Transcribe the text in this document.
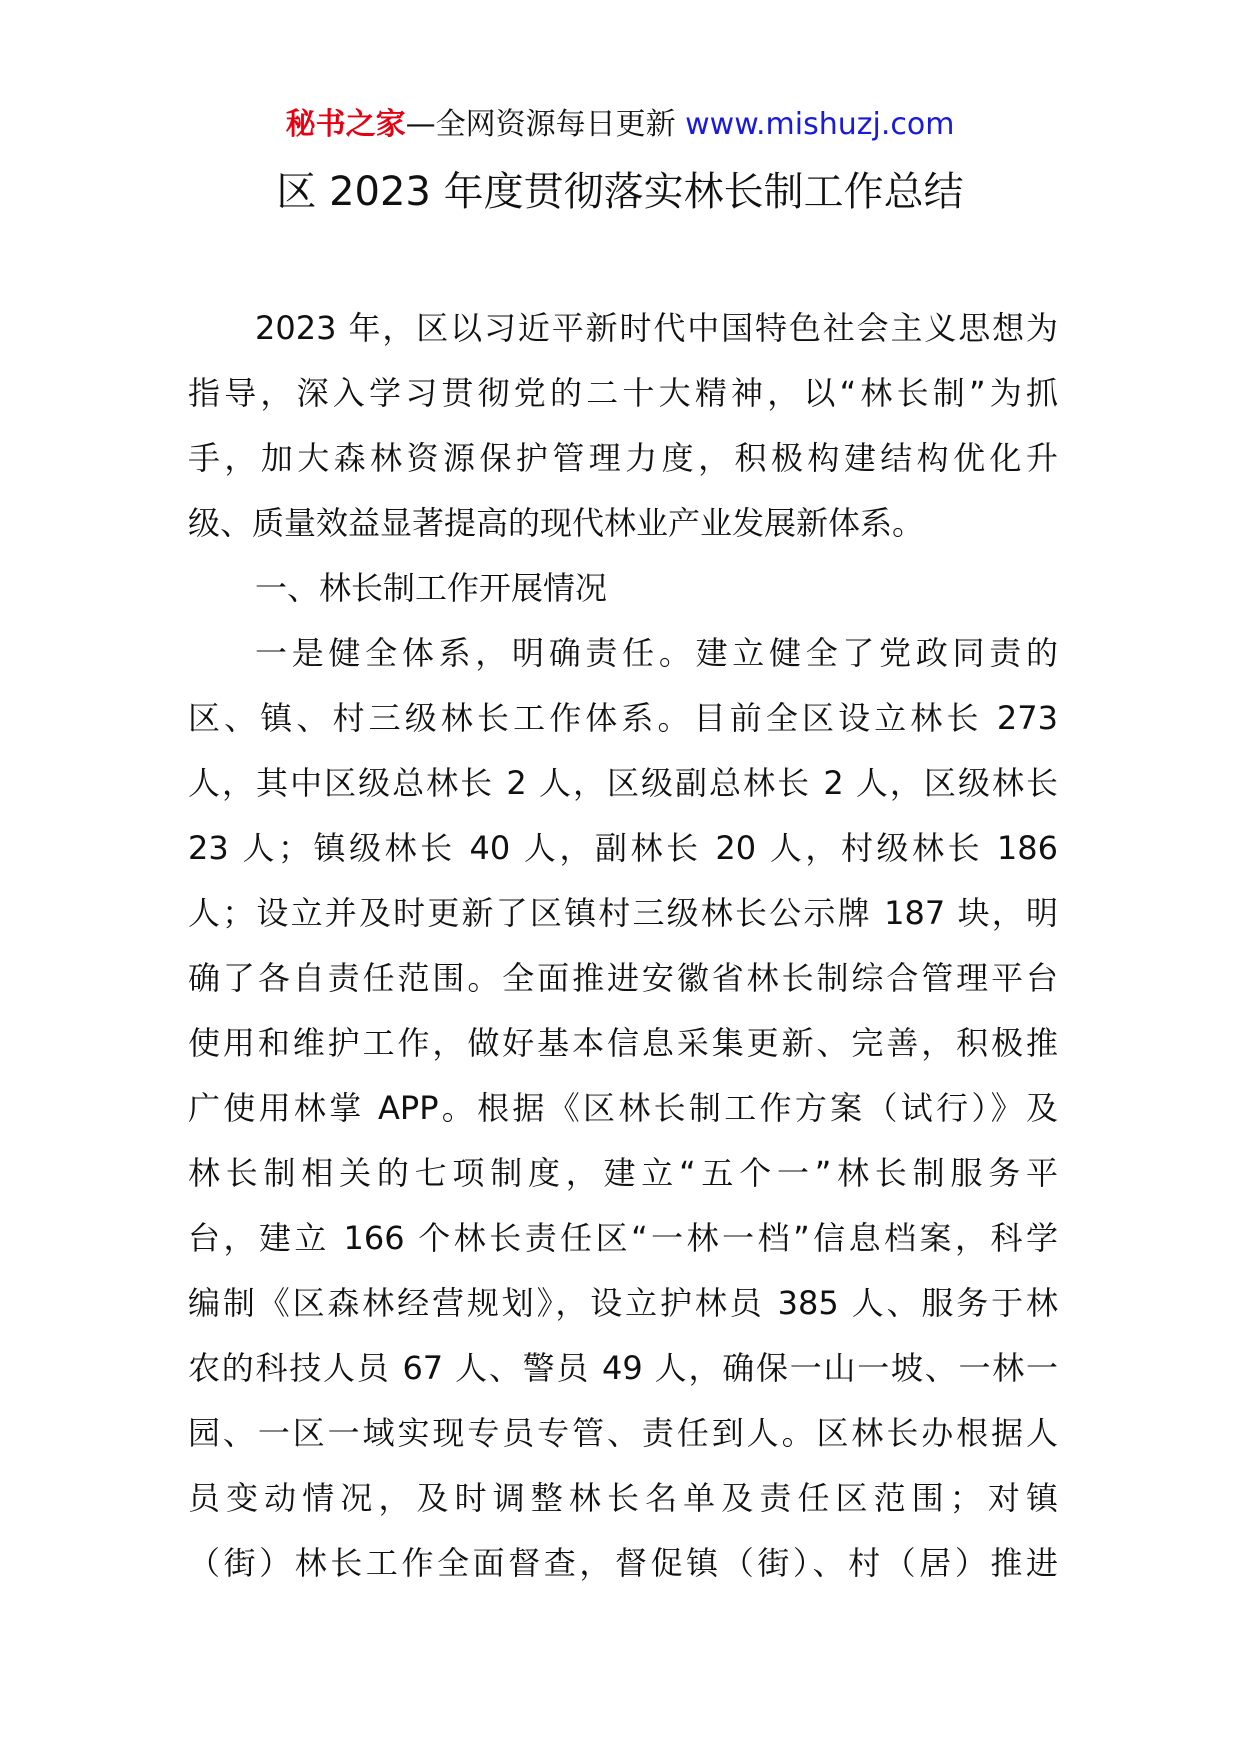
秘书之家—全网资源每日更新 www.mishuzj.com
区 2023 年度贯彻落实林长制工作总结
2023 年，区以习近平新时代中国特色社会主义思想为
指导，深入学习贯彻党的二十大精神，以“林长制”为抓
手，加大森林资源保护管理力度，积极构建结构优化升
级、质量效益显著提高的现代林业产业发展新体系。
一、林长制工作开展情况
一是健全体系，明确责任。建立健全了党政同责的
区、镇、村三级林长工作体系。目前全区设立林长 273
人，其中区级总林长 2 人，区级副总林长 2 人，区级林长
23 人；镇级林长 40 人，副林长 20 人，村级林长 186
人；设立并及时更新了区镇村三级林长公示牌 187 块，明
确了各自责任范围。全面推进安徽省林长制综合管理平台
使用和维护工作，做好基本信息采集更新、完善，积极推
广使用林掌 APP。根据《区林长制工作方案（试行）》及
林长制相关的七项制度，建立“五个一”林长制服务平
台，建立 166 个林长责任区“一林一档”信息档案，科学
编制《区森林经营规划》，设立护林员 385 人、服务于林
农的科技人员 67 人、警员 49 人，确保一山一坡、一林一
园、一区一域实现专员专管、责任到人。区林长办根据人
员变动情况，及时调整林长名单及责任区范围；对镇
（街）林长工作全面督查，督促镇（街）、村（居）推进
